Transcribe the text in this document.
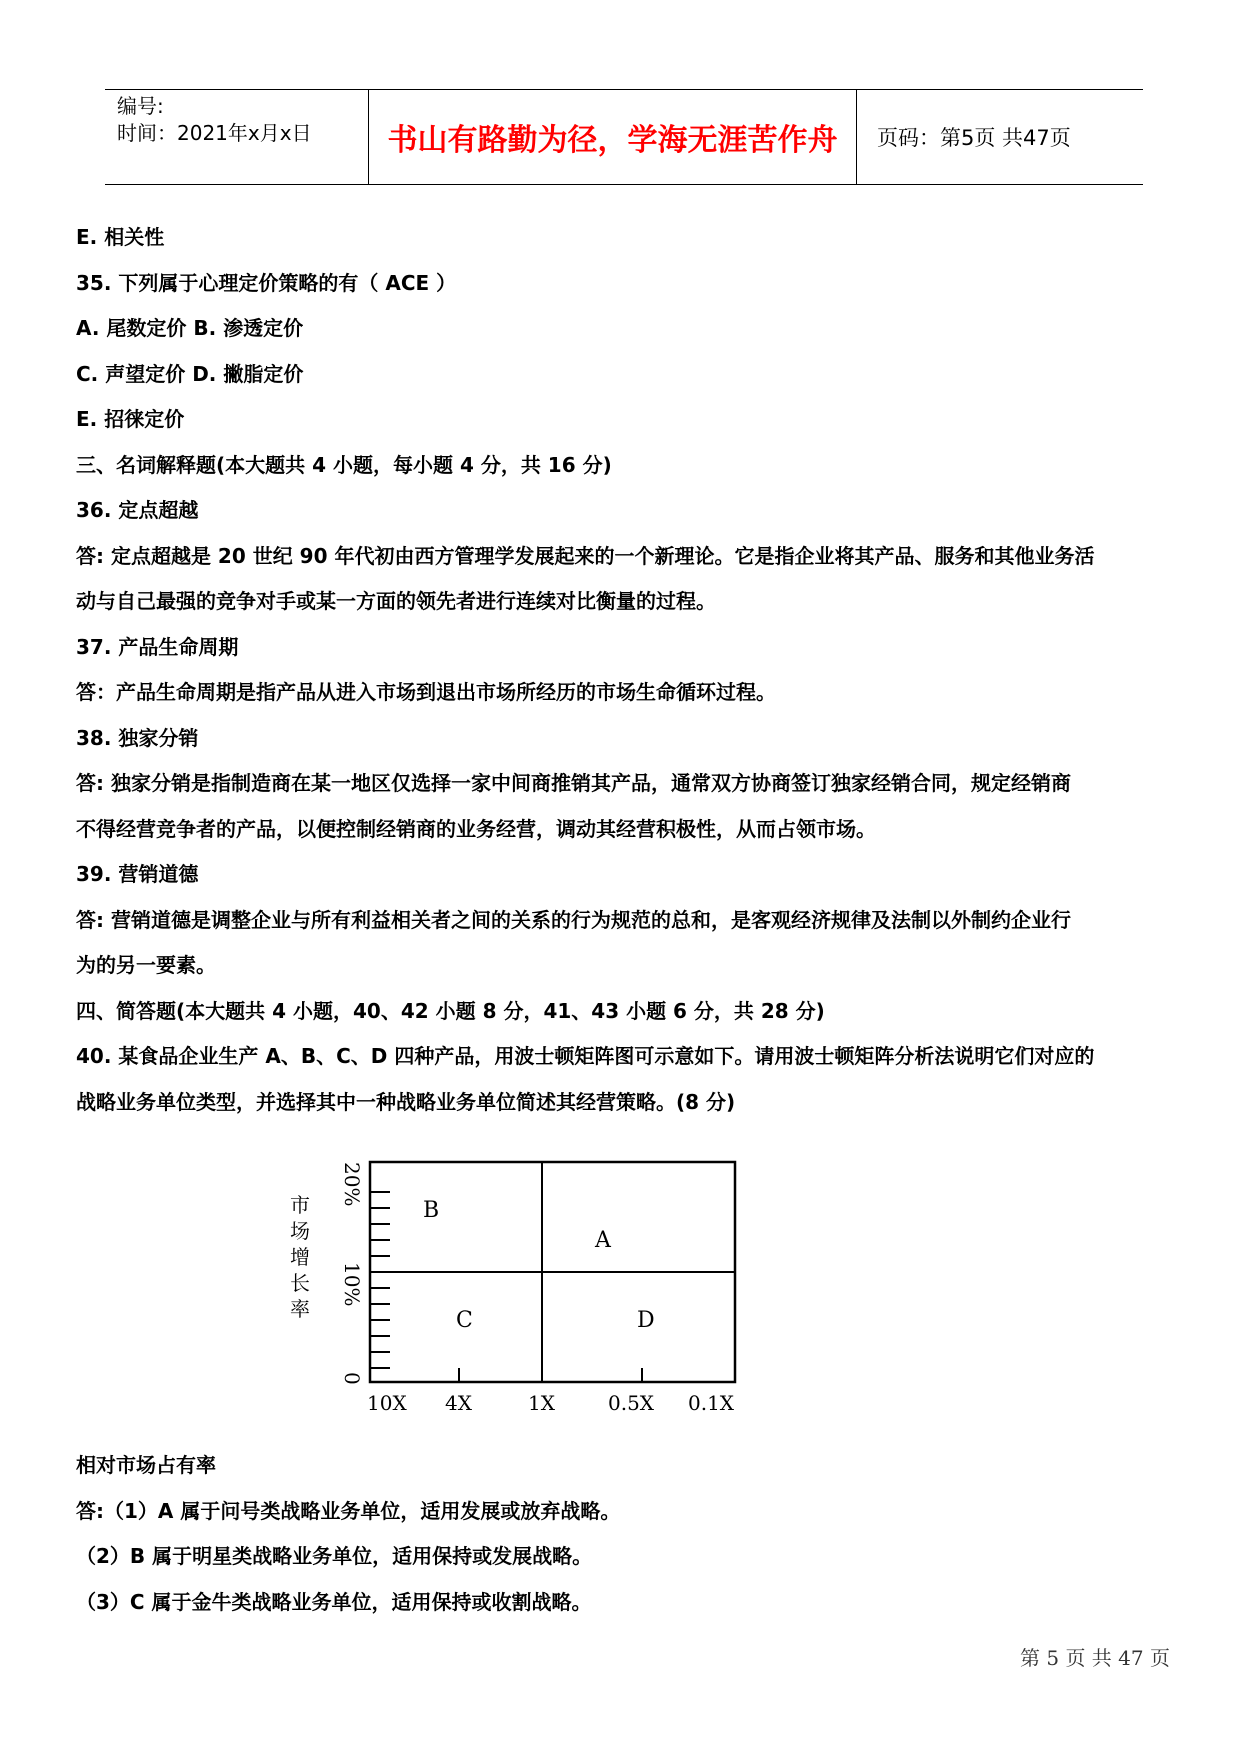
编号:
时间：2021年x月x日	书山有路勤为径，学海无涯苦作舟	页码：第5页 共47页
E. 相关性
35. 下列属于心理定价策略的有（ ACE ）
A. 尾数定价 B. 渗透定价
C. 声望定价 D. 撇脂定价
E. 招徕定价
三、名词解释题(本大题共 4 小题，每小题 4 分，共 16 分)
36. 定点超越
答: 定点超越是 20 世纪 90 年代初由西方管理学发展起来的一个新理论。它是指企业将其产品、服务和其他业务活
动与自己最强的竞争对手或某一方面的领先者进行连续对比衡量的过程。
37. 产品生命周期
答：产品生命周期是指产品从进入市场到退出市场所经历的市场生命循环过程。
38. 独家分销
答: 独家分销是指制造商在某一地区仅选择一家中间商推销其产品，通常双方协商签订独家经销合同，规定经销商
不得经营竞争者的产品，以便控制经销商的业务经营，调动其经营积极性，从而占领市场。
39. 营销道德
答: 营销道德是调整企业与所有利益相关者之间的关系的行为规范的总和，是客观经济规律及法制以外制约企业行
为的另一要素。
四、简答题(本大题共 4 小题，40、42 小题 8 分，41、43 小题 6 分，共 28 分)
40. 某食品企业生产 A、B、C、D 四种产品，用波士顿矩阵图可示意如下。请用波士顿矩阵分析法说明它们对应的
战略业务单位类型，并选择其中一种战略业务单位简述其经营策略。(8 分)
20%
10%
0
市场增长率
B
A
C	D
10X 4X	1X	0.5X 0.1X
相对市场占有率
答:（1）A 属于问号类战略业务单位，适用发展或放弃战略。
（2）B 属于明星类战略业务单位，适用保持或发展战略。
（3）C 属于金牛类战略业务单位，适用保持或收割战略。
第 5 页 共 47 页
